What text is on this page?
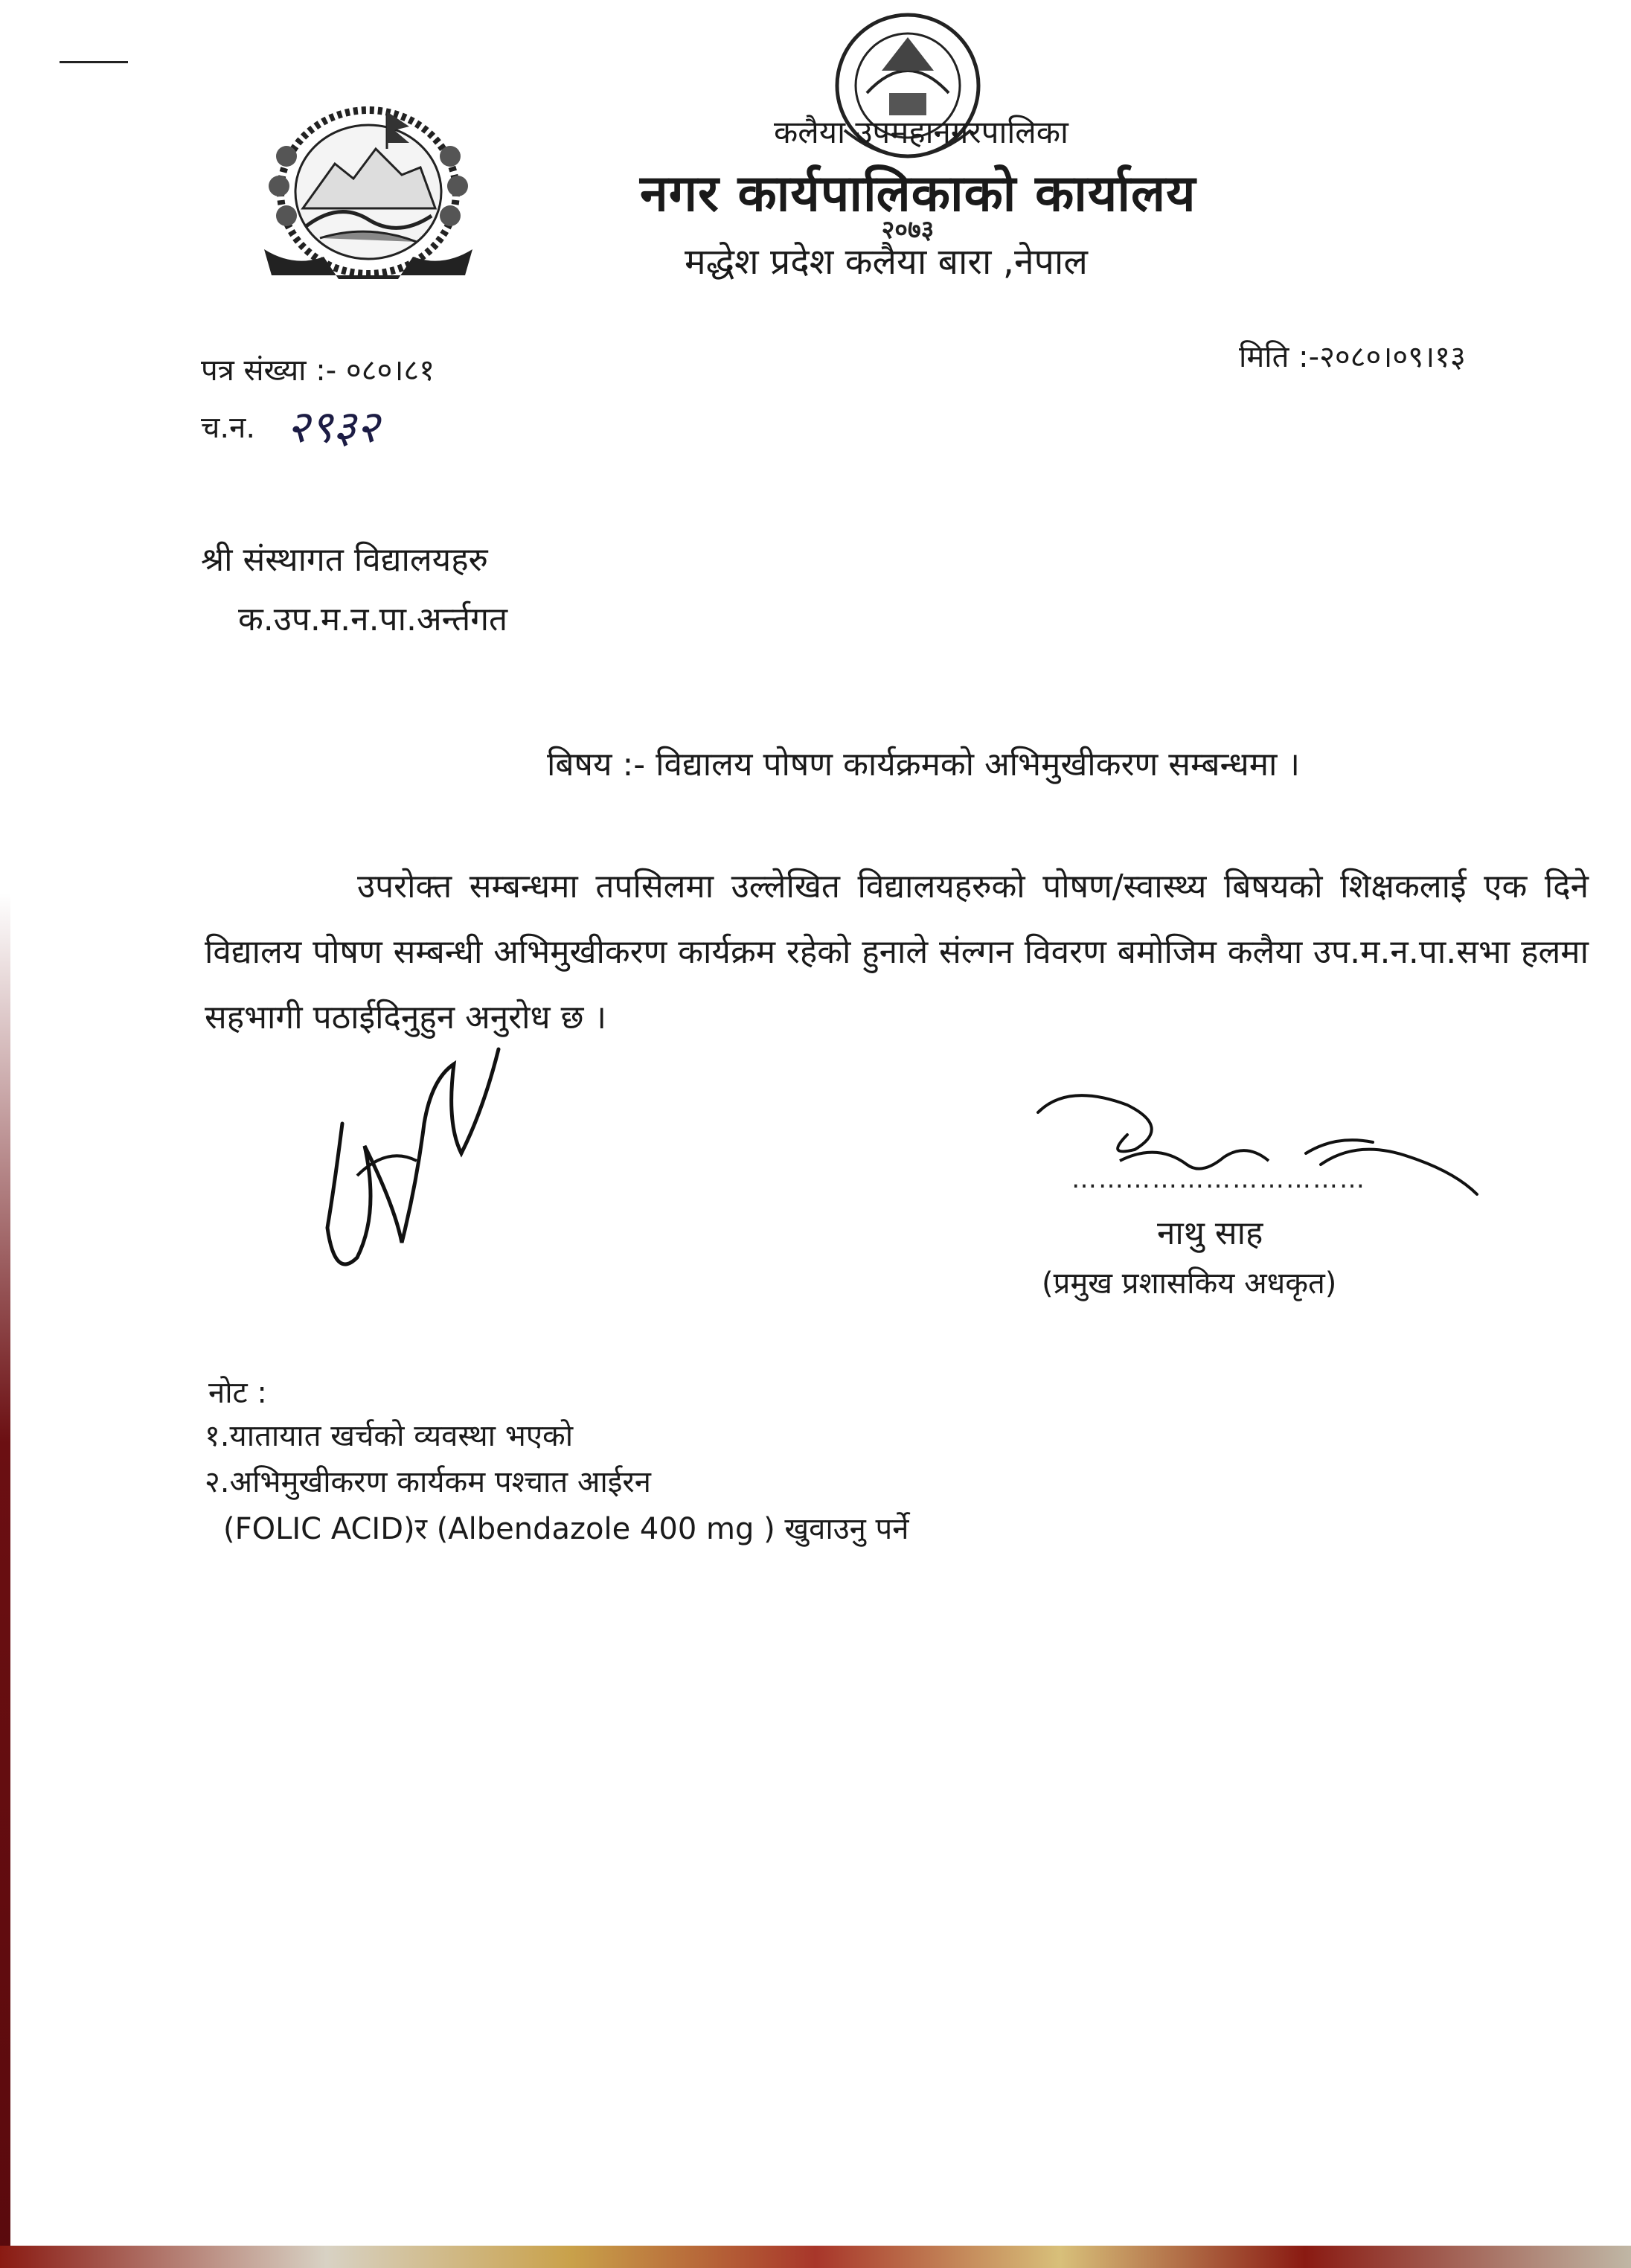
२०७३
कलैया उपमहानगरपालिका
नगर कार्यपालिकाको कार्यालय
मद्धेश प्रदेश कलैया बारा ,नेपाल
पत्र संख्या :- ०८०।८१	मिति :-२०८०।०९।१३
च.न. २९३२
श्री संस्थागत विद्यालयहरु
क.उप.म.न.पा.अर्न्तगत
बिषय :- विद्यालय पोषण कार्यक्रमको अभिमुखीकरण सम्बन्धमा ।
उपरोक्त सम्बन्धमा तपसिलमा उल्लेखित विद्यालयहरुको पोषण/स्वास्थ्य बिषयको शिक्षकलाई एक दिने विद्यालय पोषण सम्बन्धी अभिमुखीकरण कार्यक्रम रहेको हुनाले संल्गन विवरण बमोजिम कलैया उप.म.न.पा.सभा हलमा सहभागी पठाईदिनुहुन अनुरोध छ ।
……………………………
नाथु साह
(प्रमुख प्रशासकिय अधकृत)
नोट :
१.यातायात खर्चको व्यवस्था भएको
२.अभिमुखीकरण कार्यकम पश्चात आईरन
(FOLIC ACID)र (Albendazole 400 mg ) खुवाउनु पर्ने
